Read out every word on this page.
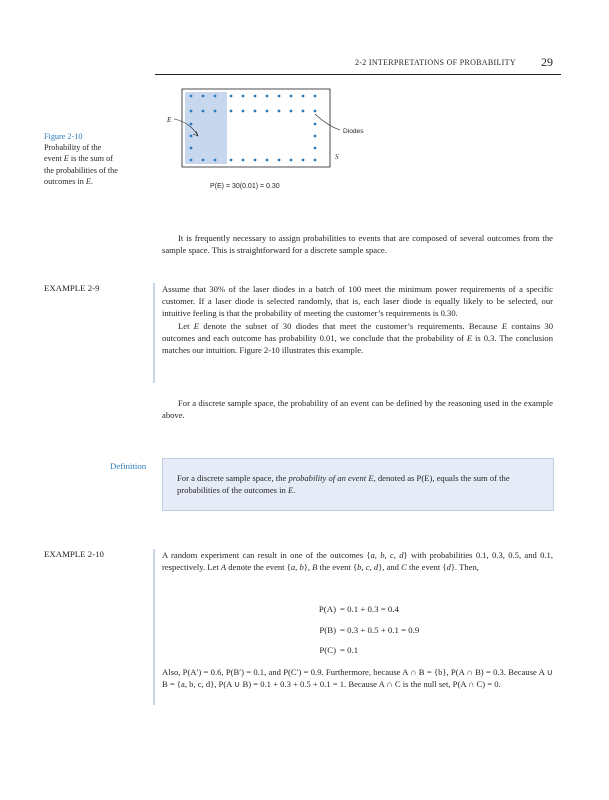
2-2 INTERPRETATIONS OF PROBABILITY 29
E
Diodes
S
P(E) = 30(0.01) = 0.30
Figure 2-10
Probability of the
event E is the sum of
the probabilities of the
outcomes in E.
It is frequently necessary to assign probabilities to events that are composed of several outcomes from the sample space. This is straightforward for a discrete sample space.
EXAMPLE 2-9	Assume that 30% of the laser diodes in a batch of 100 meet the minimum power requirements of a specific customer. If a laser diode is selected randomly, that is, each laser diode is equally likely to be selected, our intuitive feeling is that the probability of meeting the customer’s requirements is 0.30.
Let E denote the subset of 30 diodes that meet the customer’s requirements. Because E contains 30 outcomes and each outcome has probability 0.01, we conclude that the probability of E is 0.3. The conclusion matches our intuition. Figure 2-10 illustrates this example.
For a discrete sample space, the probability of an event can be defined by the reasoning used in the example above.
Definition
For a discrete sample space, the probability of an event E, denoted as P(E), equals the sum of the probabilities of the outcomes in E.
EXAMPLE 2-10	A random experiment can result in one of the outcomes {a, b, c, d} with probabilities 0.1, 0.3, 0.5, and 0.1, respectively. Let A denote the event {a, b}, B the event {b, c, d}, and C the event {d}. Then,
P(A) = 0.1 + 0.3 = 0.4
P(B) = 0.3 + 0.5 + 0.1 = 0.9
P(C) = 0.1
Also, P(A′) = 0.6, P(B′) = 0.1, and P(C′) = 0.9. Furthermore, because A ∩ B = {b}, P(A ∩ B) = 0.3. Because A ∪ B = {a, b, c, d}, P(A ∪ B) = 0.1 + 0.3 + 0.5 + 0.1 = 1. Because A ∩ C is the null set, P(A ∩ C) = 0.
